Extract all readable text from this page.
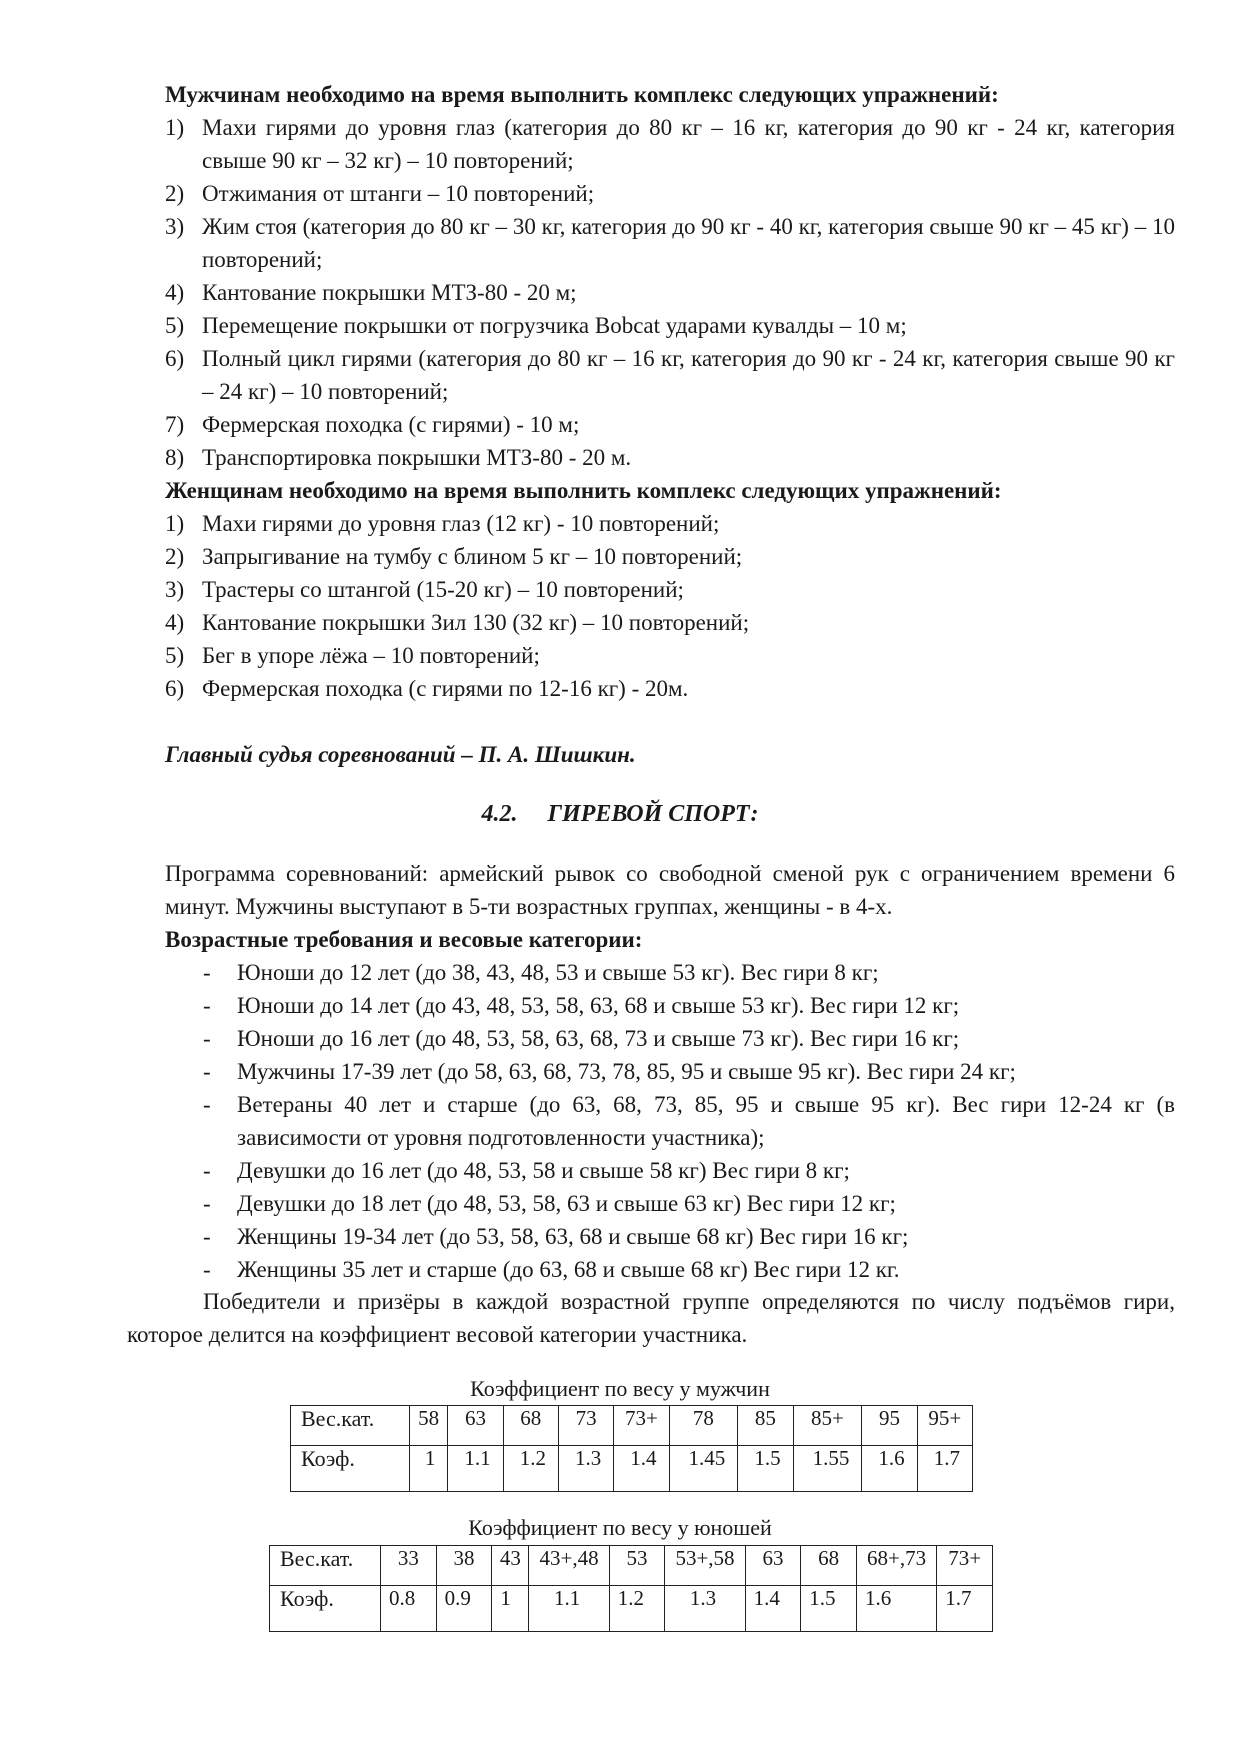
Мужчинам необходимо на время выполнить комплекс следующих упражнений:

1) Махи гирями до уровня глаз (категория до 80 кг – 16 кг, категория до 90 кг - 24 кг, категория свыше 90 кг – 32 кг) – 10 повторений;
2) Отжимания от штанги – 10 повторений;
3) Жим стоя (категория до 80 кг – 30 кг, категория до 90 кг - 40 кг, категория свыше 90 кг – 45 кг) – 10 повторений;
4) Кантование покрышки МТЗ-80 - 20 м;
5) Перемещение покрышки от погрузчика Bobcat ударами кувалды – 10 м;
6) Полный цикл гирями (категория до 80 кг – 16 кг, категория до 90 кг - 24 кг, категория свыше 90 кг – 24 кг) – 10 повторений;
7) Фермерская походка (с гирями) - 10 м;
8) Транспортировка покрышки МТЗ-80 - 20 м.

Женщинам необходимо на время выполнить комплекс следующих упражнений:

1) Махи гирями до уровня глаз (12 кг) - 10 повторений;
2) Запрыгивание на тумбу с блином 5 кг – 10 повторений;
3) Трастеры со штангой (15-20 кг) – 10 повторений;
4) Кантование покрышки Зил 130 (32 кг) – 10 повторений;
5) Бег в упоре лёжа – 10 повторений;
6) Фермерская походка (с гирями по 12-16 кг) - 20м.
Главный судья соревнований – П. А. Шишкин.
4.2. ГИРЕВОЙ СПОРТ:

Программа соревнований: армейский рывок со свободной сменой рук с ограничением времени 6 минут. Мужчины выступают в 5-ти возрастных группах, женщины - в 4-х.

Возрастные требования и весовые категории:

- Юноши до 12 лет (до 38, 43, 48, 53 и свыше 53 кг). Вес гири 8 кг;
- Юноши до 14 лет (до 43, 48, 53, 58, 63, 68 и свыше 53 кг). Вес гири 12 кг;
- Юноши до 16 лет (до 48, 53, 58, 63, 68, 73 и свыше 73 кг). Вес гири 16 кг;
- Мужчины 17-39 лет (до 58, 63, 68, 73, 78, 85, 95 и свыше 95 кг). Вес гири 24 кг;
- Ветераны 40 лет и старше (до 63, 68, 73, 85, 95 и свыше 95 кг). Вес гири 12-24 кг (в зависимости от уровня подготовленности участника);
- Девушки до 16 лет (до 48, 53, 58 и свыше 58 кг) Вес гири 8 кг;
- Девушки до 18 лет (до 48, 53, 58, 63 и свыше 63 кг) Вес гири 12 кг;
- Женщины 19-34 лет (до 53, 58, 63, 68 и свыше 68 кг) Вес гири 16 кг;
- Женщины 35 лет и старше (до 63, 68 и свыше 68 кг) Вес гири 12 кг.

Победители и призёры в каждой возрастной группе определяются по числу подъёмов гири, которое делится на коэффициент весовой категории участника.

Коэффициент по весу у мужчин
Вес.кат.	58	63	68	73	73+	78	85	85+	95	95+
Коэф.	1	1.1	1.2	1.3	1.4	1.45	1.5	1.55	1.6	1.7
Коэффициент по весу у юношей
Вес.кат.	33	38	43	43+,48	53	53+,58	63	68	68+,73	73+
Коэф.	0.8	0.9	1	1.1	1.2	1.3	1.4	1.5	1.6	1.7
